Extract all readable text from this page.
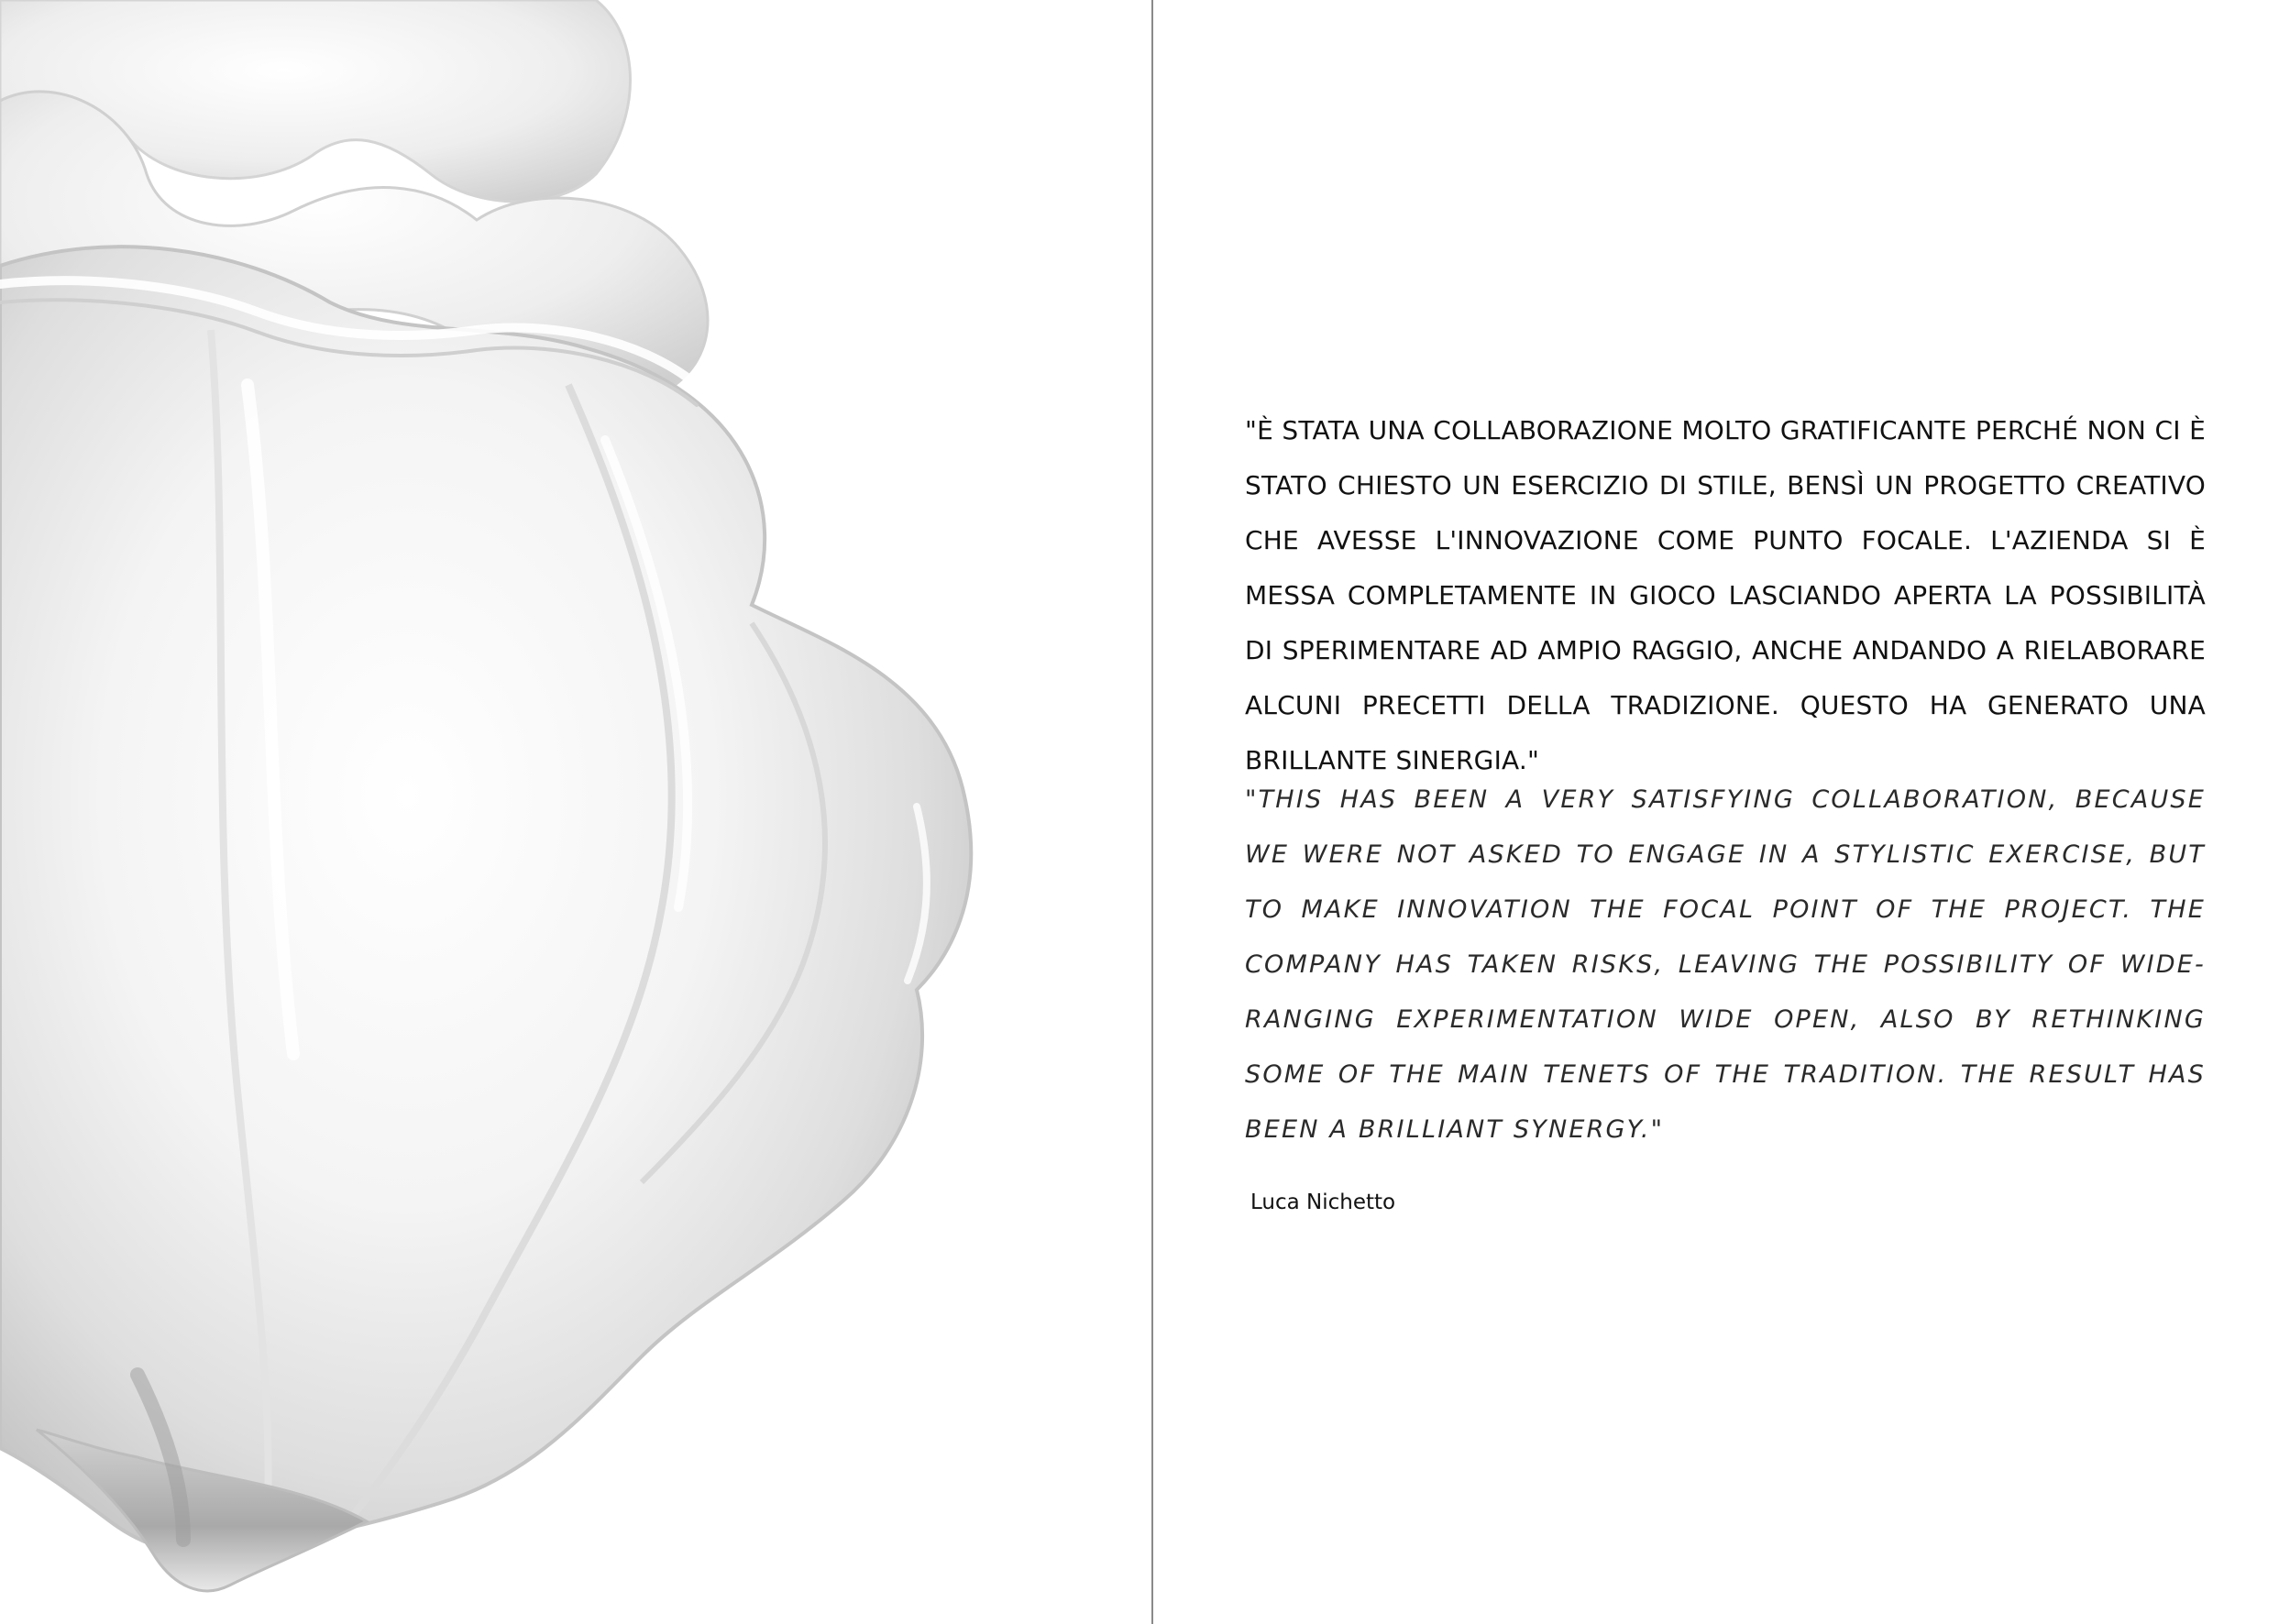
"È STATA UNA COLLABORAZIONE MOLTO GRATIFICANTE PERCHÉ NON CI È STATO CHIESTO UN ESERCIZIO DI STILE, BENSÌ UN PROGETTO CREATIVO CHE AVESSE L'INNOVAZIONE COME PUNTO FOCALE. L'AZIENDA SI È MESSA COMPLETAMENTE IN GIOCO LASCIANDO APERTA LA POSSIBILITÀ DI SPERIMENTARE AD AMPIO RAGGIO, ANCHE ANDANDO A RIELABORARE ALCUNI PRECETTI DELLA TRADIZIONE. QUESTO HA GENERATO UNA BRILLANTE SINERGIA."

"THIS HAS BEEN A VERY SATISFYING COLLABORATION, BECAUSE WE WERE NOT ASKED TO ENGAGE IN A STYLISTIC EXERCISE, BUT TO MAKE INNOVATION THE FOCAL POINT OF THE PROJECT. THE COMPANY HAS TAKEN RISKS, LEAVING THE POSSIBILITY OF WIDE-RANGING EXPERIMENTATION WIDE OPEN, ALSO BY RETHINKING SOME OF THE MAIN TENETS OF THE TRADITION. THE RESULT HAS BEEN A BRILLIANT SYNERGY."

Luca Nichetto
